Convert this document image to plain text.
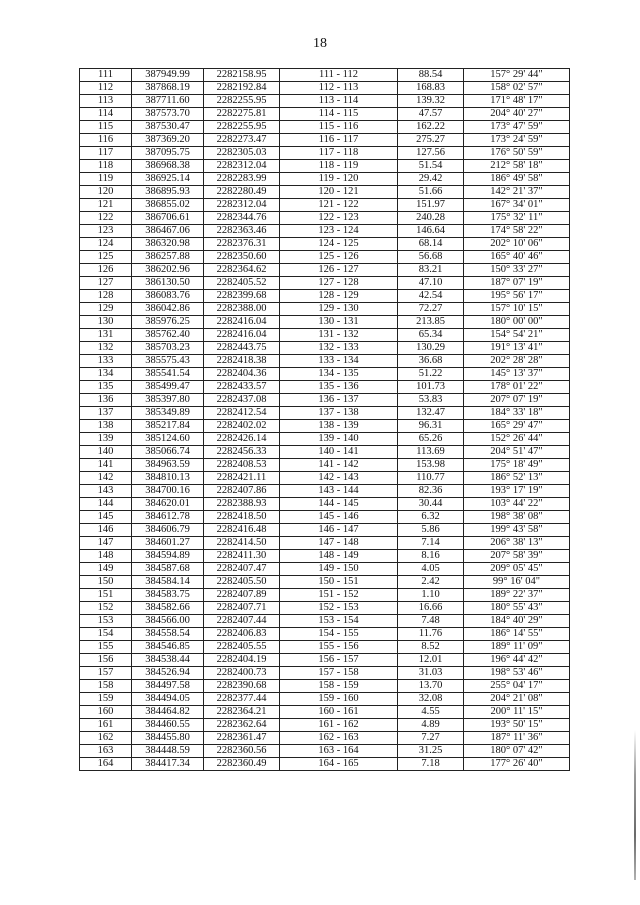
18
111	387949.99	2282158.95	111 - 112	88.54	157° 29' 44"
112	387868.19	2282192.84	112 - 113	168.83	158° 02' 57"
113	387711.60	2282255.95	113 - 114	139.32	171° 48' 17"
114	387573.70	2282275.81	114 - 115	47.57	204° 40' 27"
115	387530.47	2282255.95	115 - 116	162.22	173° 47' 59"
116	387369.20	2282273.47	116 - 117	275.27	173° 24' 59"
117	387095.75	2282305.03	117 - 118	127.56	176° 50' 59"
118	386968.38	2282312.04	118 - 119	51.54	212° 58' 18"
119	386925.14	2282283.99	119 - 120	29.42	186° 49' 58"
120	386895.93	2282280.49	120 - 121	51.66	142° 21' 37"
121	386855.02	2282312.04	121 - 122	151.97	167° 34' 01"
122	386706.61	2282344.76	122 - 123	240.28	175° 32' 11"
123	386467.06	2282363.46	123 - 124	146.64	174° 58' 22"
124	386320.98	2282376.31	124 - 125	68.14	202° 10' 06"
125	386257.88	2282350.60	125 - 126	56.68	165° 40' 46"
126	386202.96	2282364.62	126 - 127	83.21	150° 33' 27"
127	386130.50	2282405.52	127 - 128	47.10	187° 07' 19"
128	386083.76	2282399.68	128 - 129	42.54	195° 56' 17"
129	386042.86	2282388.00	129 - 130	72.27	157° 10' 15"
130	385976.25	2282416.04	130 - 131	213.85	180° 00' 00"
131	385762.40	2282416.04	131 - 132	65.34	154° 54' 21"
132	385703.23	2282443.75	132 - 133	130.29	191° 13' 41"
133	385575.43	2282418.38	133 - 134	36.68	202° 28' 28"
134	385541.54	2282404.36	134 - 135	51.22	145° 13' 37"
135	385499.47	2282433.57	135 - 136	101.73	178° 01' 22"
136	385397.80	2282437.08	136 - 137	53.83	207° 07' 19"
137	385349.89	2282412.54	137 - 138	132.47	184° 33' 18"
138	385217.84	2282402.02	138 - 139	96.31	165° 29' 47"
139	385124.60	2282426.14	139 - 140	65.26	152° 26' 44"
140	385066.74	2282456.33	140 - 141	113.69	204° 51' 47"
141	384963.59	2282408.53	141 - 142	153.98	175° 18' 49"
142	384810.13	2282421.11	142 - 143	110.77	186° 52' 13"
143	384700.16	2282407.86	143 - 144	82.36	193° 17' 19"
144	384620.01	2282388.93	144 - 145	30.44	103° 44' 22"
145	384612.78	2282418.50	145 - 146	6.32	198° 38' 08"
146	384606.79	2282416.48	146 - 147	5.86	199° 43' 58"
147	384601.27	2282414.50	147 - 148	7.14	206° 38' 13"
148	384594.89	2282411.30	148 - 149	8.16	207° 58' 39"
149	384587.68	2282407.47	149 - 150	4.05	209° 05' 45"
150	384584.14	2282405.50	150 - 151	2.42	99° 16' 04"
151	384583.75	2282407.89	151 - 152	1.10	189° 22' 37"
152	384582.66	2282407.71	152 - 153	16.66	180° 55' 43"
153	384566.00	2282407.44	153 - 154	7.48	184° 40' 29"
154	384558.54	2282406.83	154 - 155	11.76	186° 14' 55"
155	384546.85	2282405.55	155 - 156	8.52	189° 11' 09"
156	384538.44	2282404.19	156 - 157	12.01	196° 44' 42"
157	384526.94	2282400.73	157 - 158	31.03	198° 53' 46"
158	384497.58	2282390.68	158 - 159	13.70	255° 04' 17"
159	384494.05	2282377.44	159 - 160	32.08	204° 21' 08"
160	384464.82	2282364.21	160 - 161	4.55	200° 11' 15"
161	384460.55	2282362.64	161 - 162	4.89	193° 50' 15"
162	384455.80	2282361.47	162 - 163	7.27	187° 11' 36"
163	384448.59	2282360.56	163 - 164	31.25	180° 07' 42"
164	384417.34	2282360.49	164 - 165	7.18	177° 26' 40"
